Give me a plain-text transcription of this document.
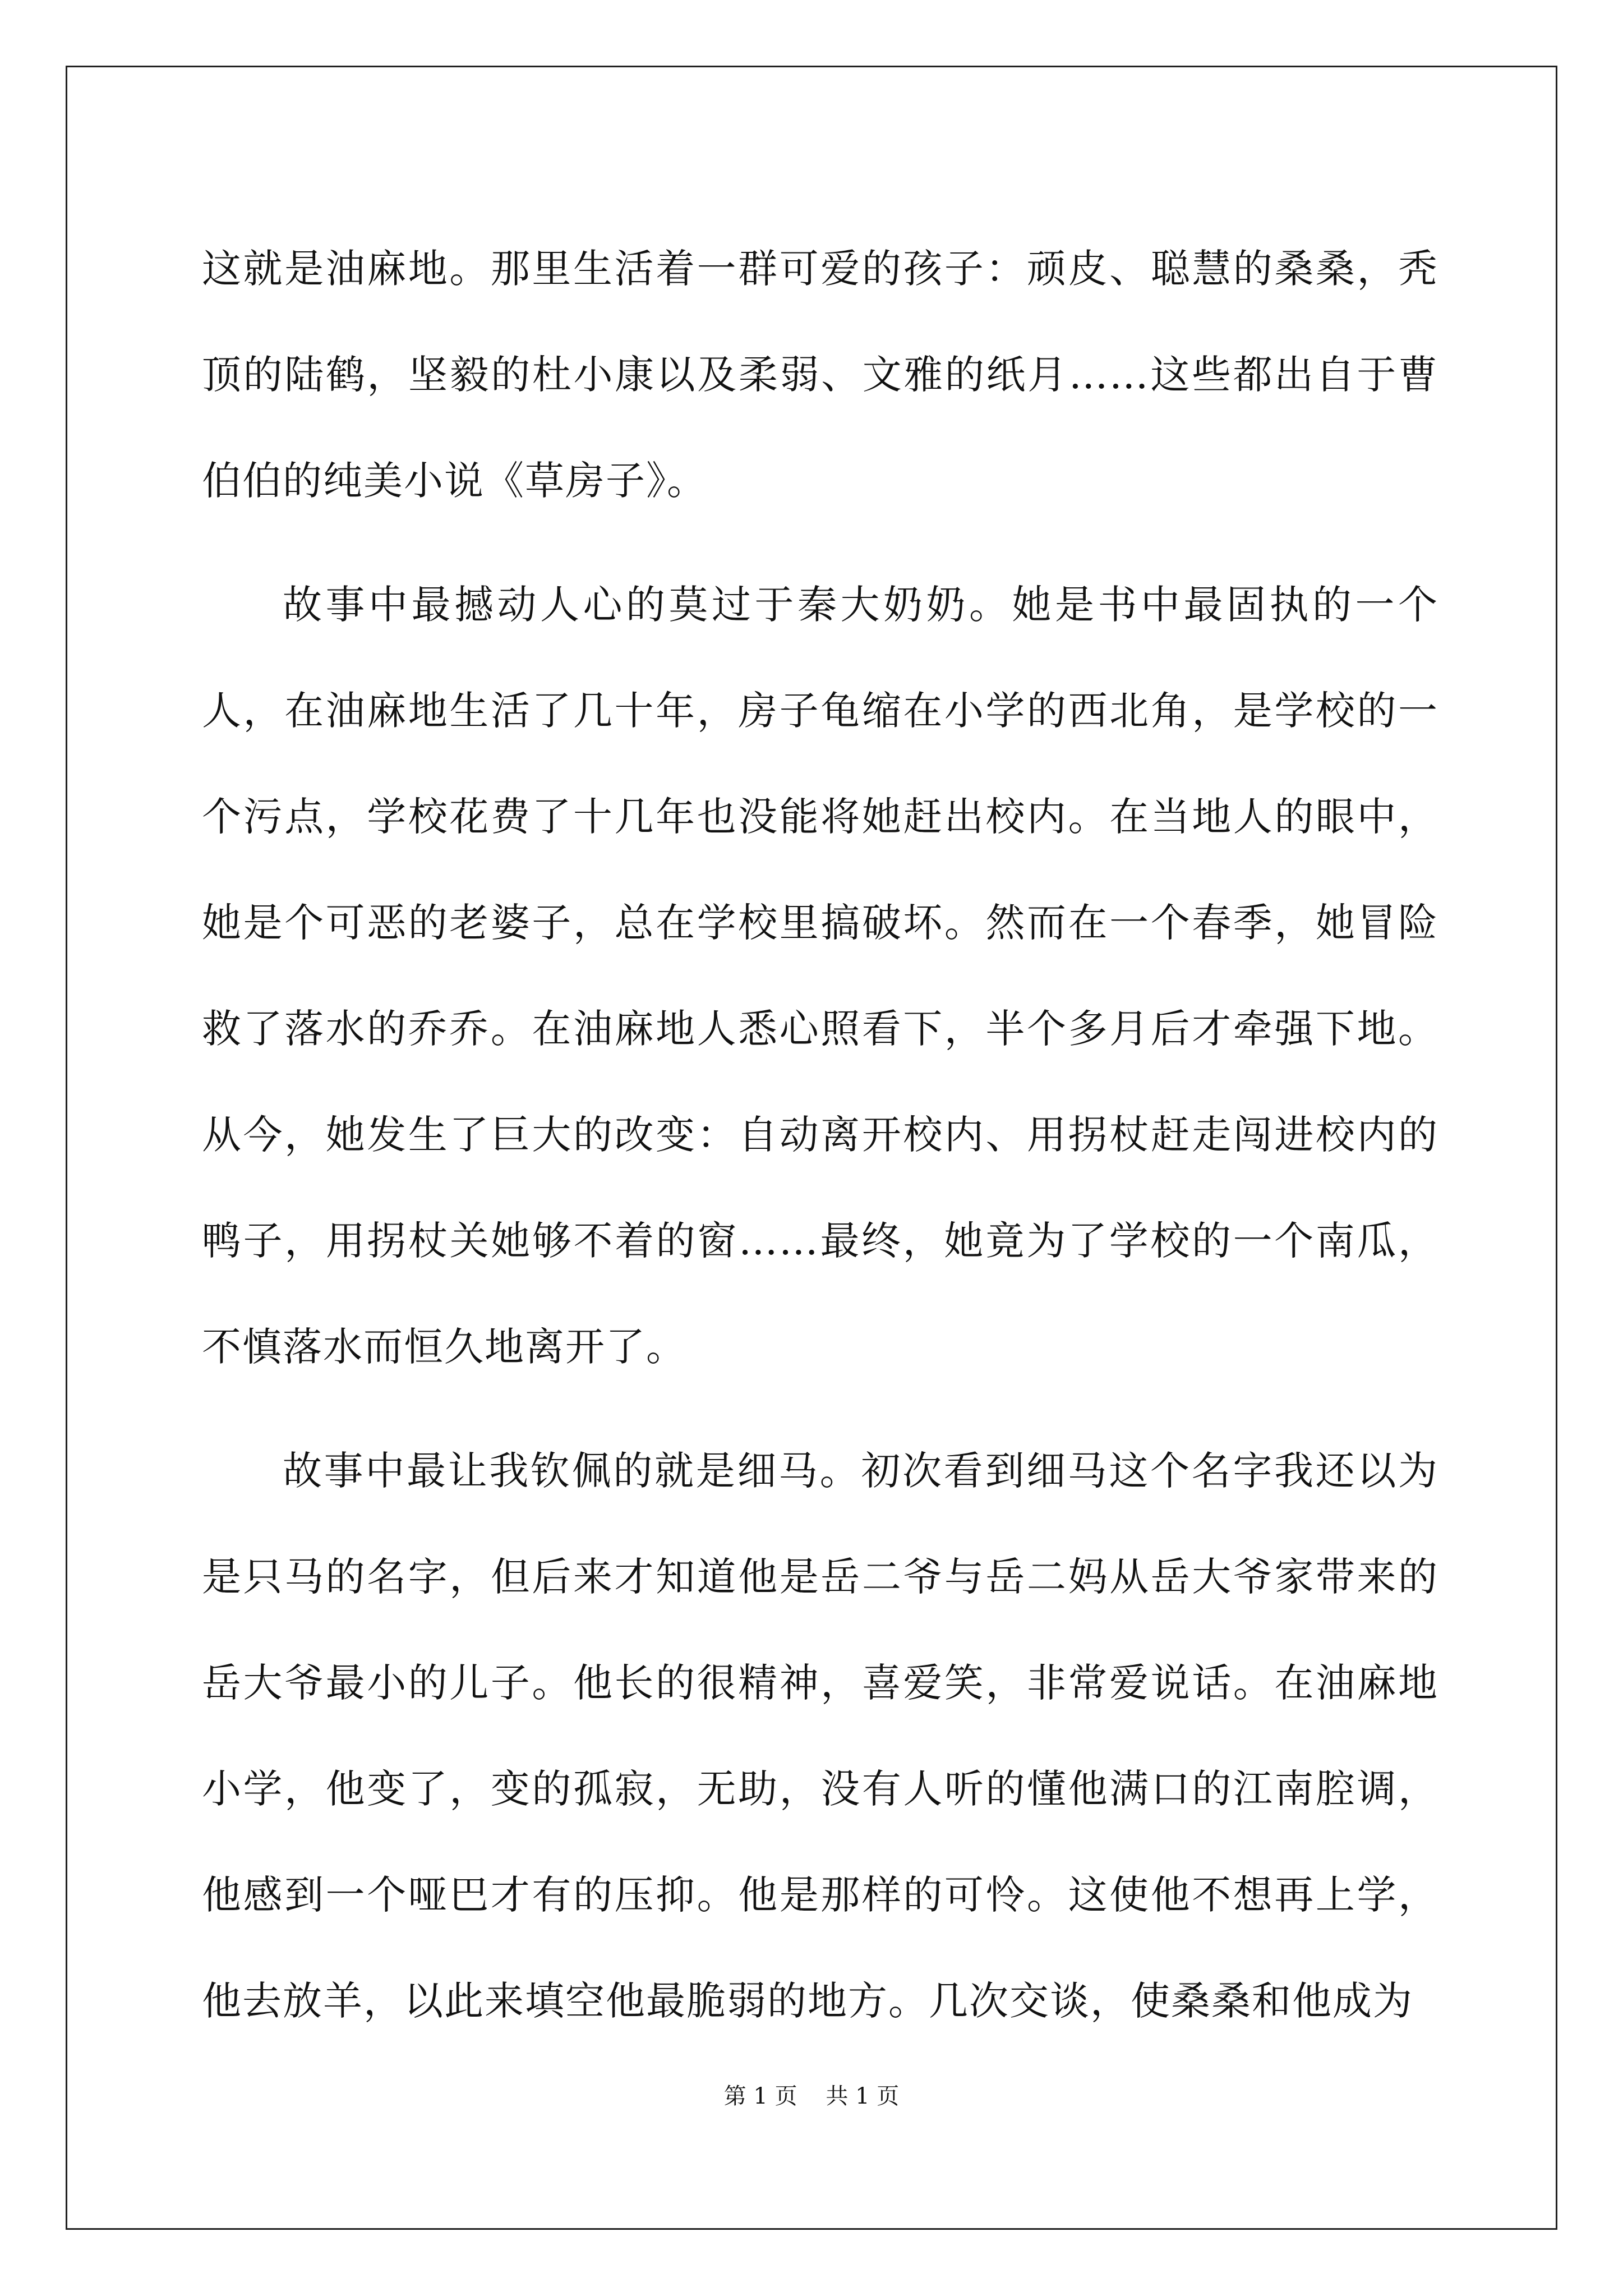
这就是油麻地。那里生活着一群可爱的孩子：顽皮、聪慧的桑桑，秃顶的陆鹤，坚毅的杜小康以及柔弱、文雅的纸月……这些都出自于曹伯伯的纯美小说《草房子》。

故事中最撼动人心的莫过于秦大奶奶。她是书中最固执的一个人，在油麻地生活了几十年，房子龟缩在小学的西北角，是学校的一个污点，学校花费了十几年也没能将她赶出校内。在当地人的眼中，她是个可恶的老婆子，总在学校里搞破坏。然而在一个春季，她冒险救了落水的乔乔。在油麻地人悉心照看下，半个多月后才牵强下地。从今，她发生了巨大的改变：自动离开校内、用拐杖赶走闯进校内的鸭子，用拐杖关她够不着的窗……最终，她竟为了学校的一个南瓜，不慎落水而恒久地离开了。

故事中最让我钦佩的就是细马。初次看到细马这个名字我还以为是只马的名字，但后来才知道他是岳二爷与岳二妈从岳大爷家带来的岳大爷最小的儿子。他长的很精神，喜爱笑，非常爱说话。在油麻地小学，他变了，变的孤寂，无助，没有人听的懂他满口的江南腔调，他感到一个哑巴才有的压抑。他是那样的可怜。这使他不想再上学，他去放羊，以此来填空他最脆弱的地方。几次交谈，使桑桑和他成为

第 1 页    共 1 页
